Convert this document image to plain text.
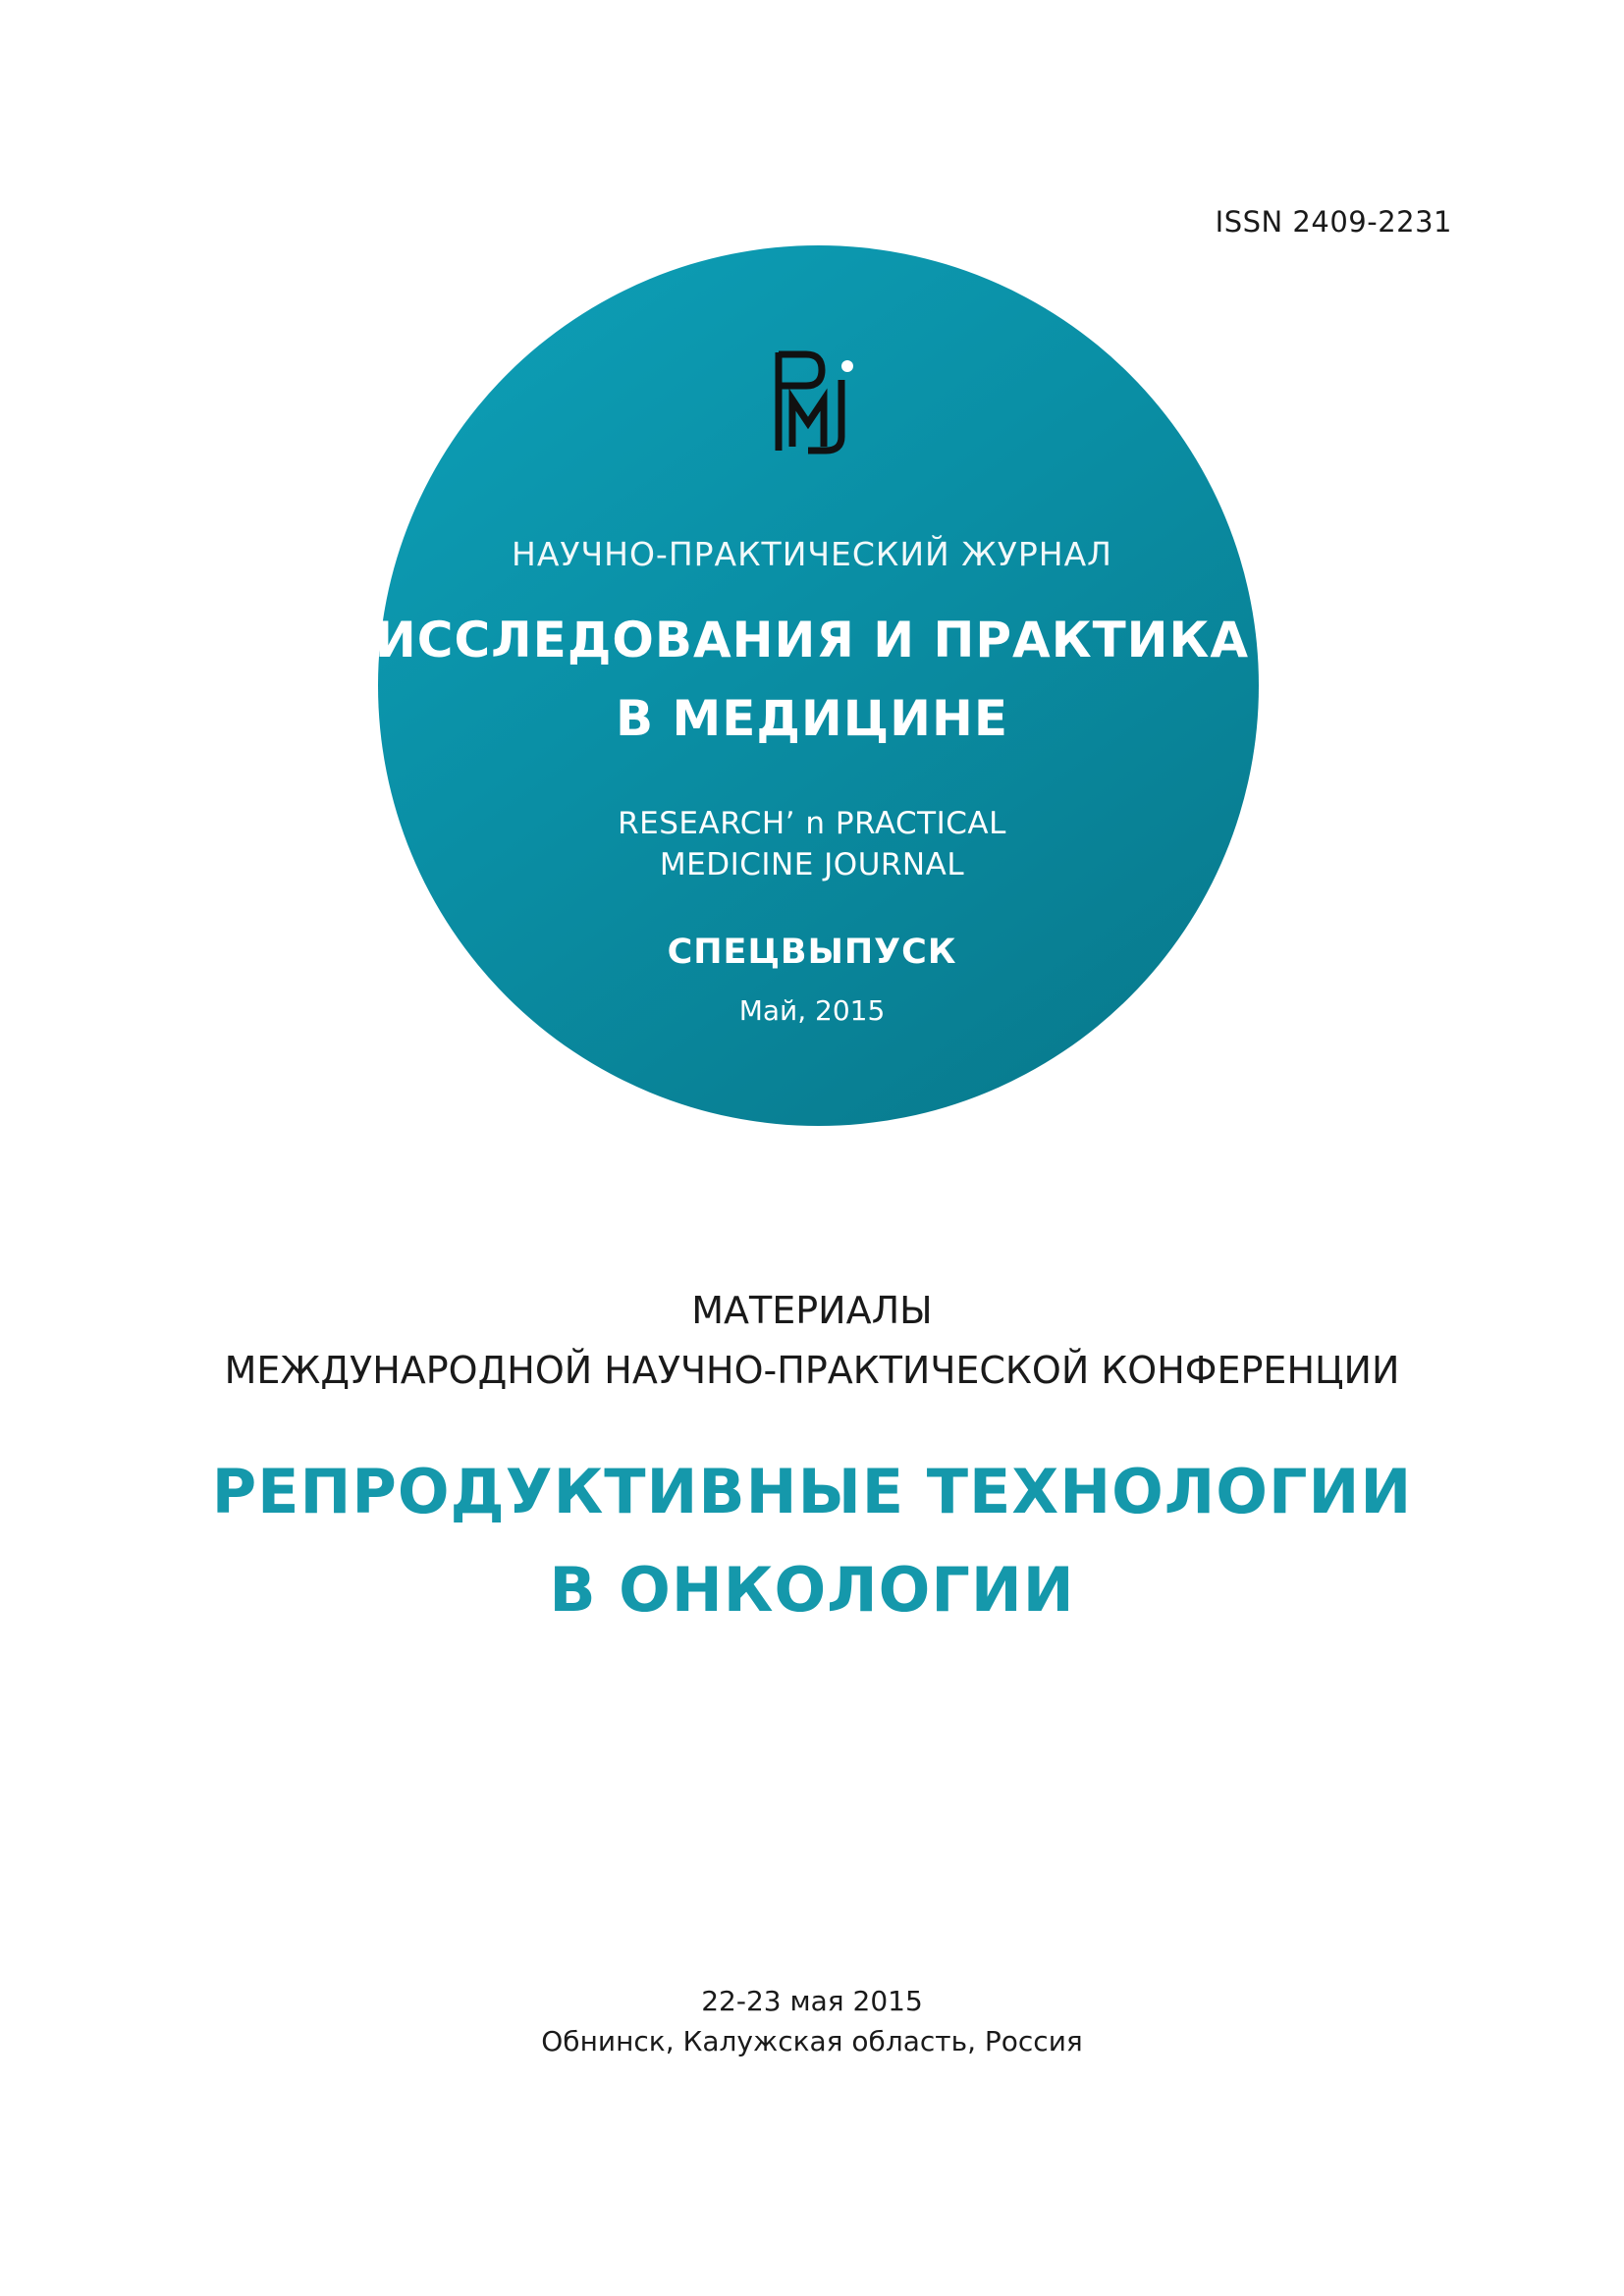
ISSN 2409-2231
НАУЧНО-ПРАКТИЧЕСКИЙ ЖУРНАЛ
ИССЛЕДОВАНИЯ И ПРАКТИКА
В МЕДИЦИНЕ
RESEARCH’ n PRACTICAL
MEDICINE JOURNAL
СПЕЦВЫПУСК
Май, 2015
МАТЕРИАЛЫ
МЕЖДУНАРОДНОЙ НАУЧНО-ПРАКТИЧЕСКОЙ КОНФЕРЕНЦИИ
РЕПРОДУКТИВНЫЕ ТЕХНОЛОГИИ
В ОНКОЛОГИИ
22-23 мая 2015
Обнинск, Калужская область, Россия
